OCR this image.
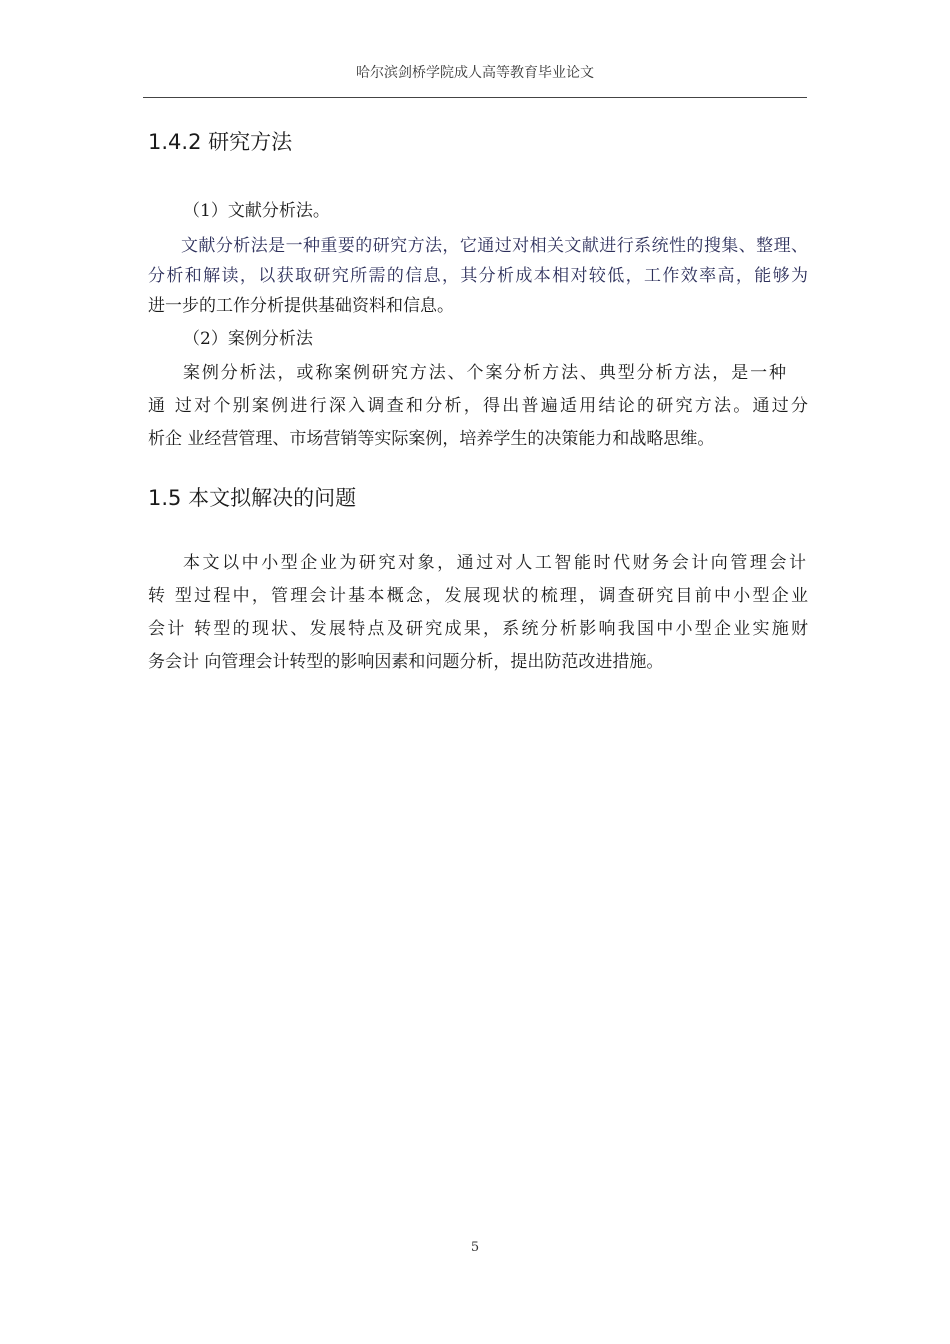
哈尔滨剑桥学院成人高等教育毕业论文
1.4.2 研究方法
（1）文献分析法。
文献分析法是一种重要的研究方法，它通过对相关文献进行系统性的搜集、整理、
分析和解读，以获取研究所需的信息，其分析成本相对较低，工作效率高，能够为
进一步的工作分析提供基础资料和信息。
（2）案例分析法
案例分析法，或称案例研究方法、个案分析方法、典型分析方法，是一种
通 过对个别案例进行深入调查和分析，得出普遍适用结论的研究方法。通过分
析企 业经营管理、市场营销等实际案例，培养学生的决策能力和战略思维。
1.5 本文拟解决的问题
本文以中小型企业为研究对象，通过对人工智能时代财务会计向管理会计
转 型过程中，管理会计基本概念，发展现状的梳理，调查研究目前中小型企业
会计 转型的现状、发展特点及研究成果，系统分析影响我国中小型企业实施财
务会计 向管理会计转型的影响因素和问题分析，提出防范改进措施。
5
